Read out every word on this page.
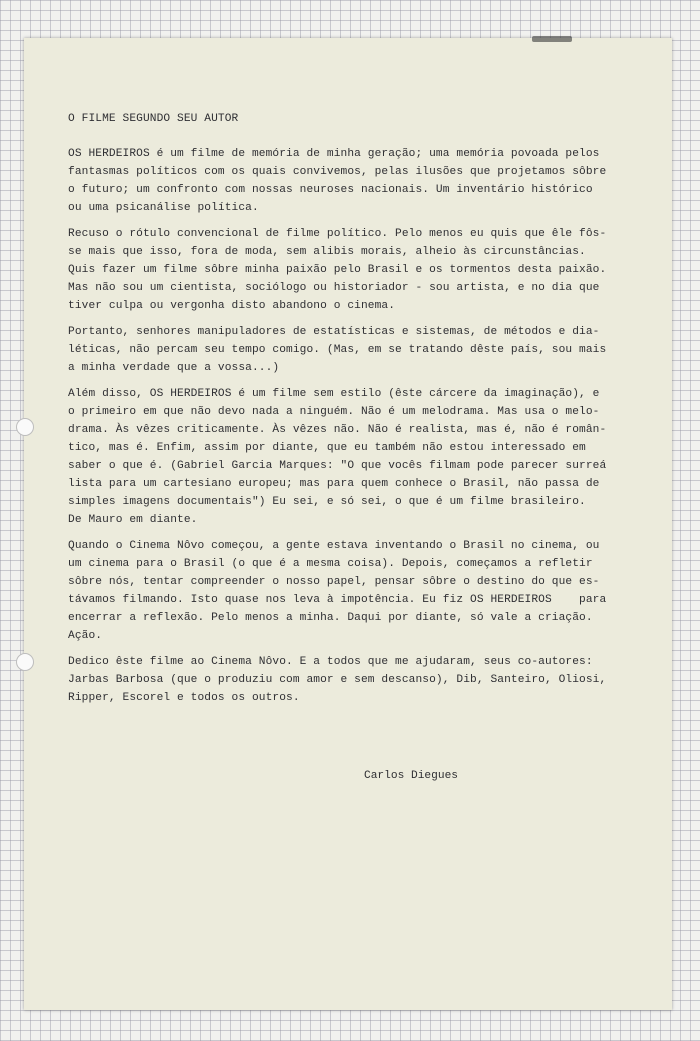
O FILME SEGUNDO SEU AUTOR
OS HERDEIROS é um filme de memória de minha geração; uma memória povoada pelos
fantasmas políticos com os quais convivemos, pelas ilusões que projetamos sôbre
o futuro; um confronto com nossas neuroses nacionais. Um inventário histórico
ou uma psicanálise política.
Recuso o rótulo convencional de filme político. Pelo menos eu quis que êle fôs-
se mais que isso, fora de moda, sem alibis morais, alheio às circunstâncias.
Quis fazer um filme sôbre minha paixão pelo Brasil e os tormentos desta paixão.
Mas não sou um cientista, sociólogo ou historiador - sou artista, e no dia que
tiver culpa ou vergonha disto abandono o cinema.
Portanto, senhores manipuladores de estatísticas e sistemas, de métodos e dia-
léticas, não percam seu tempo comigo. (Mas, em se tratando dêste país, sou mais
a minha verdade que a vossa...)
Além disso, OS HERDEIROS é um filme sem estilo (êste cárcere da imaginação), e
o primeiro em que não devo nada a ninguém. Não é um melodrama. Mas usa o melo-
drama. Às vêzes criticamente. Às vêzes não. Não é realista, mas é, não é român-
tico, mas é. Enfim, assim por diante, que eu também não estou interessado em
saber o que é. (Gabriel Garcia Marques: "O que vocês filmam pode parecer surreá
lista para um cartesiano europeu; mas para quem conhece o Brasil, não passa de
simples imagens documentais") Eu sei, e só sei, o que é um filme brasileiro.
De Mauro em diante.
Quando o Cinema Nôvo começou, a gente estava inventando o Brasil no cinema, ou
um cinema para o Brasil (o que é a mesma coisa). Depois, começamos a refletir
sôbre nós, tentar compreender o nosso papel, pensar sôbre o destino do que es-
távamos filmando. Isto quase nos leva à impotência. Eu fiz OS HERDEIROS    para
encerrar a reflexão. Pelo menos a minha. Daqui por diante, só vale a criação.
Ação.
Dedico êste filme ao Cinema Nôvo. E a todos que me ajudaram, seus co-autores:
Jarbas Barbosa (que o produziu com amor e sem descanso), Dib, Santeiro, Oliosi,
Ripper, Escorel e todos os outros.
Carlos Diegues
